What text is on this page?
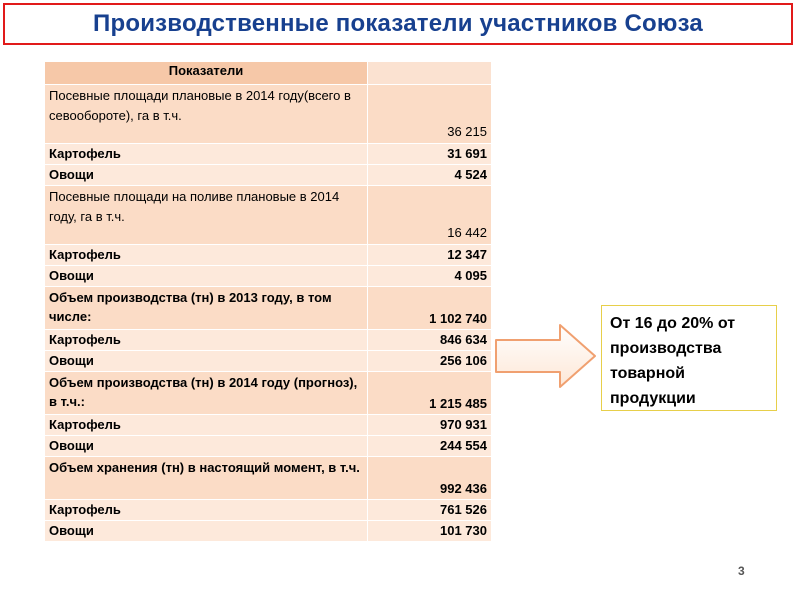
Производственные показатели участников Союза
Показатели	
Посевные площади плановые в 2014 году(всего в севообороте), га в т.ч.	36 215
Картофель	31 691
Овощи	4 524
Посевные площади на поливе плановые в 2014 году, га в т.ч.	16 442
Картофель	12 347
Овощи	4 095
Объем производства (тн) в 2013 году, в том числе:	1 102 740
Картофель	846 634
Овощи	256 106
Объем производства (тн) в 2014 году (прогноз), в т.ч.:	1 215 485
Картофель	970 931
Овощи	244 554
Объем хранения (тн) в настоящий момент, в т.ч.	992 436
Картофель	761 526
Овощи	101 730
От 16 до 20% от производства товарной продукции
3
